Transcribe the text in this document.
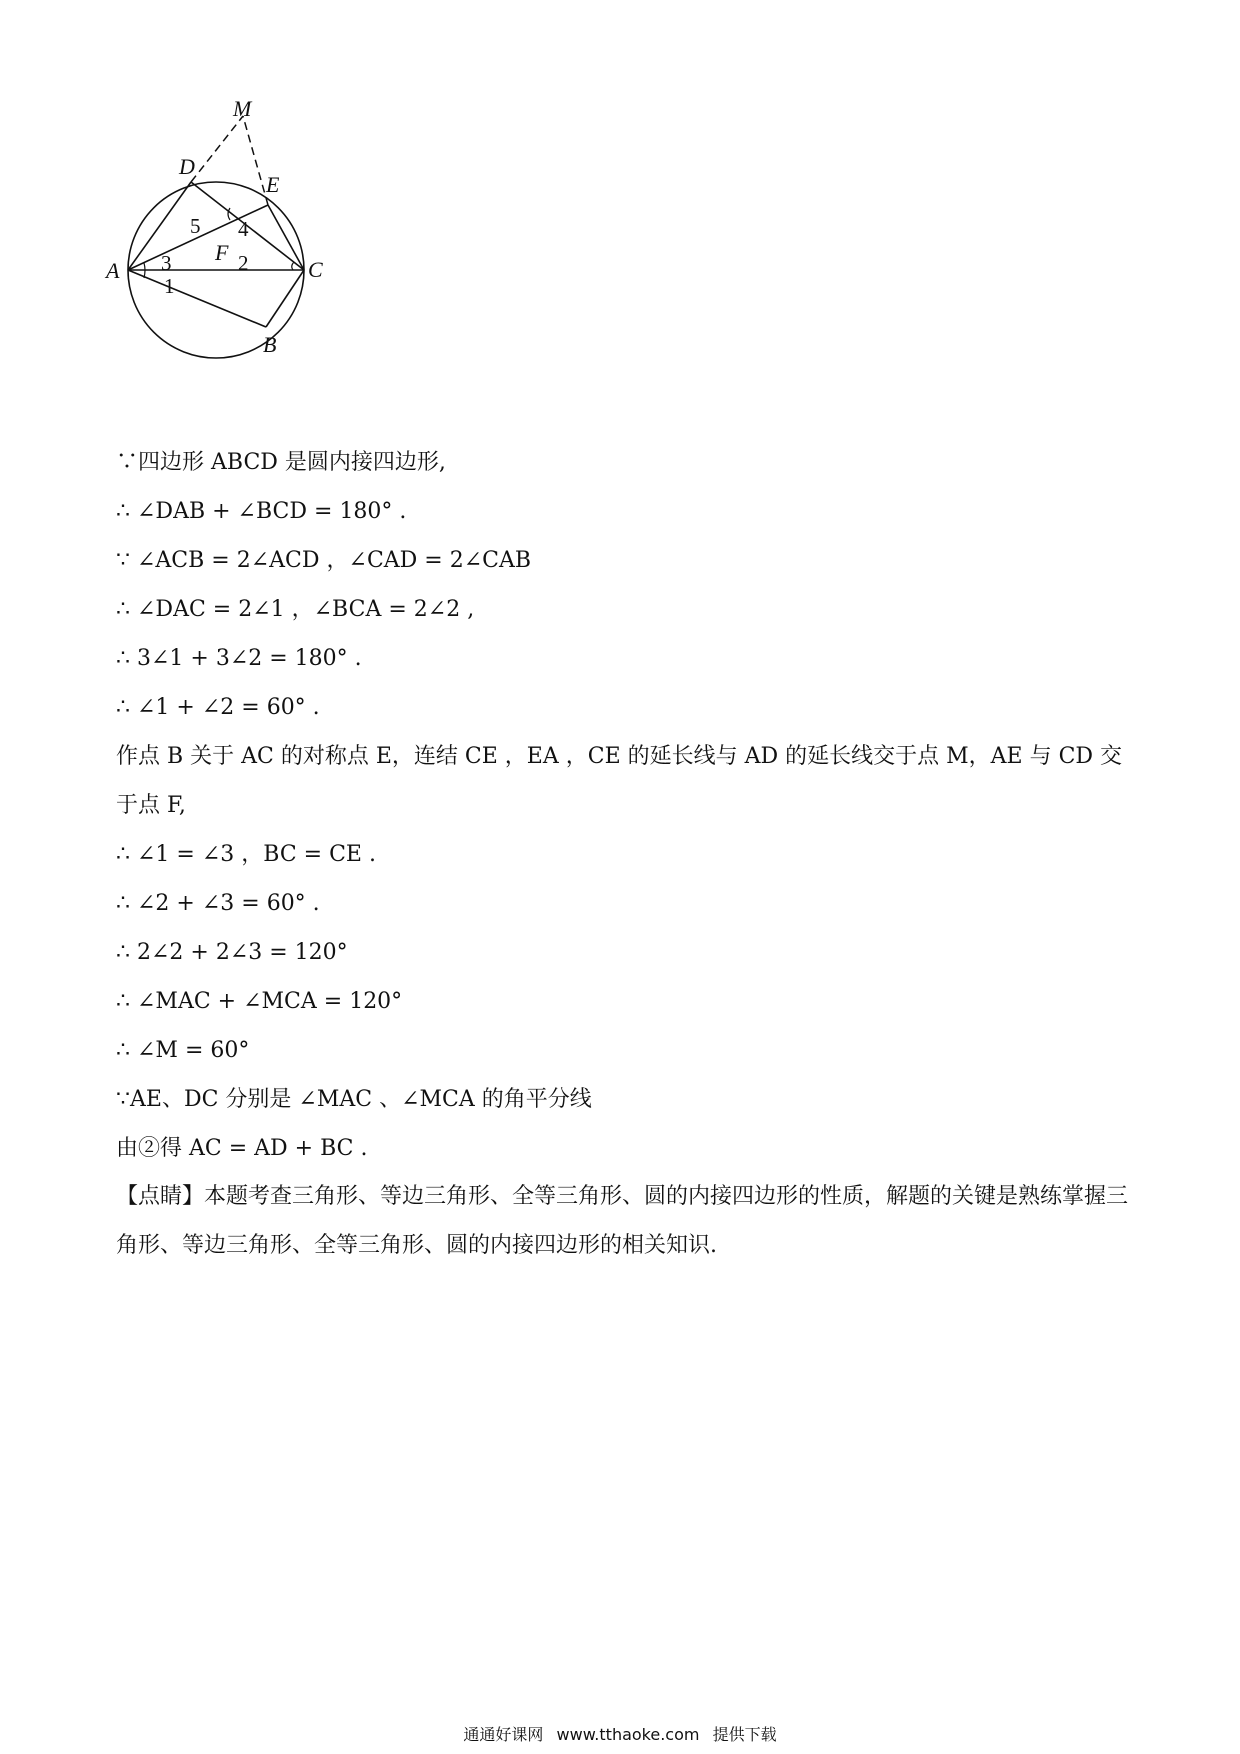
M
D
E
A	C
B
F
1
2
3
4
5
∵四边形 ABCD 是圆内接四边形,
∴ ∠DAB + ∠BCD = 180° .
∵ ∠ACB = 2∠ACD ，∠CAD = 2∠CAB
∴ ∠DAC = 2∠1 ，∠BCA = 2∠2 ,
∴ 3∠1 + 3∠2 = 180° .
∴ ∠1 + ∠2 = 60° .
作点 B 关于 AC 的对称点 E，连结 CE ，EA ，CE 的延长线与 AD 的延长线交于点 M，AE 与 CD 交于点 F,
∴ ∠1 = ∠3 ，BC = CE .
∴ ∠2 + ∠3 = 60° .
∴ 2∠2 + 2∠3 = 120°
∴ ∠MAC + ∠MCA = 120°
∴ ∠M = 60°
∵AE、DC 分别是 ∠MAC 、∠MCA 的角平分线
由②得 AC = AD + BC .
【点睛】本题考查三角形、等边三角形、全等三角形、圆的内接四边形的性质，解题的关键是熟练掌握三角形、等边三角形、全等三角形、圆的内接四边形的相关知识.
通通好课网 www.tthaoke.com 提供下载
